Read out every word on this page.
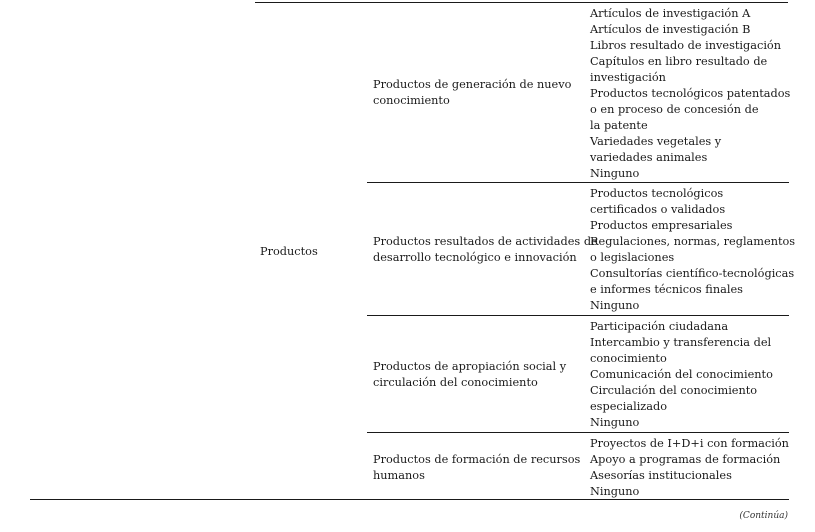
Productos
Productos de generación de nuevo
conocimiento
Artículos de investigación A
Artículos de investigación B
Libros resultado de investigación
Capítulos en libro resultado de
investigación
Productos tecnológicos patentados
o en proceso de concesión de
la patente
Variedades vegetales y
variedades animales
Ninguno
Productos resultados de actividades de
desarrollo tecnológico e innovación
Productos tecnológicos
certificados o validados
Productos empresariales
Regulaciones, normas, reglamentos
o legislaciones
Consultorías científico-tecnológicas
e informes técnicos finales
Ninguno
Productos de apropiación social y
circulación del conocimiento
Participación ciudadana
Intercambio y transferencia del
conocimiento
Comunicación del conocimiento
Circulación del conocimiento
especializado
Ninguno
Productos de formación de recursos
humanos
Proyectos de I+D+i con formación
Apoyo a programas de formación
Asesorías institucionales
Ninguno
(Continúa)
